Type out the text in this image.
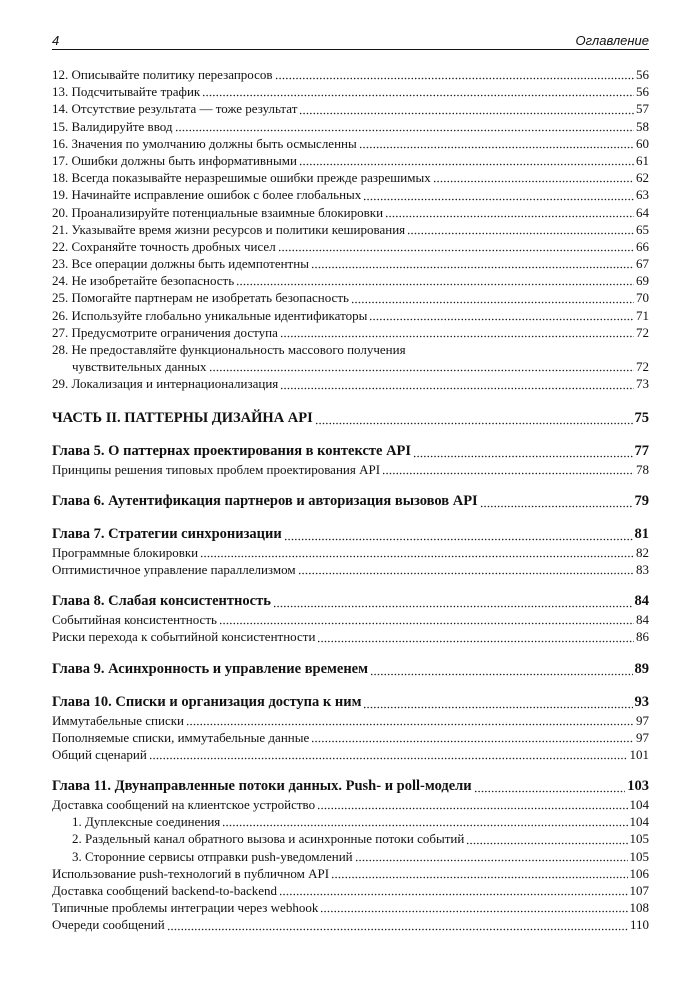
4	Оглавление
12. Описывайте политику перезапросов	56
13. Подсчитывайте трафик	56
14. Отсутствие результата — тоже результат	57
15. Валидируйте ввод	58
16. Значения по умолчанию должны быть осмысленны	60
17. Ошибки должны быть информативными	61
18. Всегда показывайте неразрешимые ошибки прежде разрешимых	62
19. Начинайте исправление ошибок с более глобальных	63
20. Проанализируйте потенциальные взаимные блокировки	64
21. Указывайте время жизни ресурсов и политики кеширования	65
22. Сохраняйте точность дробных чисел	66
23. Все операции должны быть идемпотентны	67
24. Не изобретайте безопасность	69
25. Помогайте партнерам не изобретать безопасность	70
26. Используйте глобально уникальные идентификаторы	71
27. Предусмотрите ограничения доступа	72
28. Не предоставляйте функциональность массового получения
чувствительных данных	72
29. Локализация и интернационализация	73
ЧАСТЬ II. ПАТТЕРНЫ ДИЗАЙНА API	75
Глава 5. О паттернах проектирования в контексте API	77
Принципы решения типовых проблем проектирования API	78
Глава 6. Аутентификация партнеров и авторизация вызовов API	79
Глава 7. Стратегии синхронизации	81
Программные блокировки	82
Оптимистичное управление параллелизмом	83
Глава 8. Слабая консистентность	84
Событийная консистентность	84
Риски перехода к событийной консистентности	86
Глава 9. Асинхронность и управление временем	89
Глава 10. Списки и организация доступа к ним	93
Иммутабельные списки	97
Пополняемые списки, иммутабельные данные	97
Общий сценарий	101
Глава 11. Двунаправленные потоки данных. Push- и poll-модели	103
Доставка сообщений на клиентское устройство	104
1. Дуплексные соединения	104
2. Раздельный канал обратного вызова и асинхронные потоки событий	105
3. Сторонние сервисы отправки push-уведомлений	105
Использование push-технологий в публичном API	106
Доставка сообщений backend-to-backend	107
Типичные проблемы интеграции через webhook	108
Очереди сообщений	110
